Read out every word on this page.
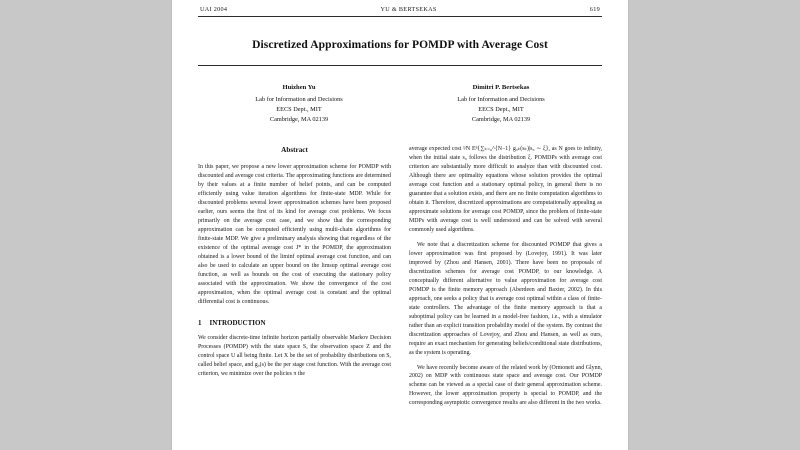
UAI 2004	YU & BERTSEKAS	619
Discretized Approximations for POMDP with Average Cost
Huizhen Yu
Lab for Information and Decisions
EECS Dept., MIT
Cambridge, MA 02139
Dimitri P. Bertsekas
Lab for Information and Decisions
EECS Dept., MIT
Cambridge, MA 02139
Abstract

In this paper, we propose a new lower approximation scheme for POMDP with discounted and average cost criteria. The approximating functions are determined by their values at a finite number of belief points, and can be computed efficiently using value iteration algorithms for finite-state MDP. While for discounted problems several lower approximation schemes have been proposed earlier, ours seems the first of its kind for average cost problems. We focus primarily on the average cost case, and we show that the corresponding approximation can be computed efficiently using multi-chain algorithms for finite-state MDP. We give a preliminary analysis showing that regardless of the existence of the optimal average cost J* in the POMDP, the approximation obtained is a lower bound of the liminf optimal average cost function, and can also be used to calculate an upper bound on the limsup optimal average cost function, as well as bounds on the cost of executing the stationary policy associated with the approximation. We show the convergence of the cost approximation, when the optimal average cost is constant and the optimal differential cost is continuous.

1 INTRODUCTION

We consider discrete-time infinite horizon partially observable Markov Decision Processes (POMDP) with the state space S, the observation space Z and the control space U all being finite. Let X be the set of probability distributions on S, called belief space, and gᵤ(s) be the per stage cost function. With the average cost criterion, we minimize over the policies π the

average expected cost ¹⁄N Eⁿ{∑ₖ₌₀^{N−1} gᵤₖ(sₖ)|s₀ ∼ ξ}, as N goes to infinity, when the initial state s₀ follows the distribution ξ. POMDPs with average cost criterion are substantially more difficult to analyze than with discounted cost. Although there are optimality equations whose solution provides the optimal average cost function and a stationary optimal policy, in general there is no guarantee that a solution exists, and there are no finite computation algorithms to obtain it. Therefore, discretized approximations are computationally appealing as approximate solutions for average cost POMDP, since the problem of finite-state MDPs with average cost is well understood and can be solved with several commonly used algorithms.

We note that a discretization scheme for discounted POMDP that gives a lower approximation was first proposed by (Lovejoy, 1991). It was later improved by (Zhou and Hansen, 2001). There have been no proposals of discretization schemes for average cost POMDP, to our knowledge. A conceptually different alternative to value approximation for average cost POMDP is the finite memory approach (Aberdeen and Baxter, 2002). In this approach, one seeks a policy that is average cost optimal within a class of finite-state controllers. The advantage of the finite memory approach is that a suboptimal policy can be learned in a model-free fashion, i.e., with a simulator rather than an explicit transition probability model of the system. By contrast the discretization approaches of Lovejoy, and Zhou and Hansen, as well as ours, require an exact mechanism for generating beliefs/conditional state distributions, as the system is operating.

We have recently become aware of the related work by (Ormoneit and Glynn, 2002) on MDP with continuous state space and average cost. Our POMDP scheme can be viewed as a special case of their general approximation scheme. However, the lower approximation property is special to POMDP, and the corresponding asymptotic convergence results are also different in the two works.
